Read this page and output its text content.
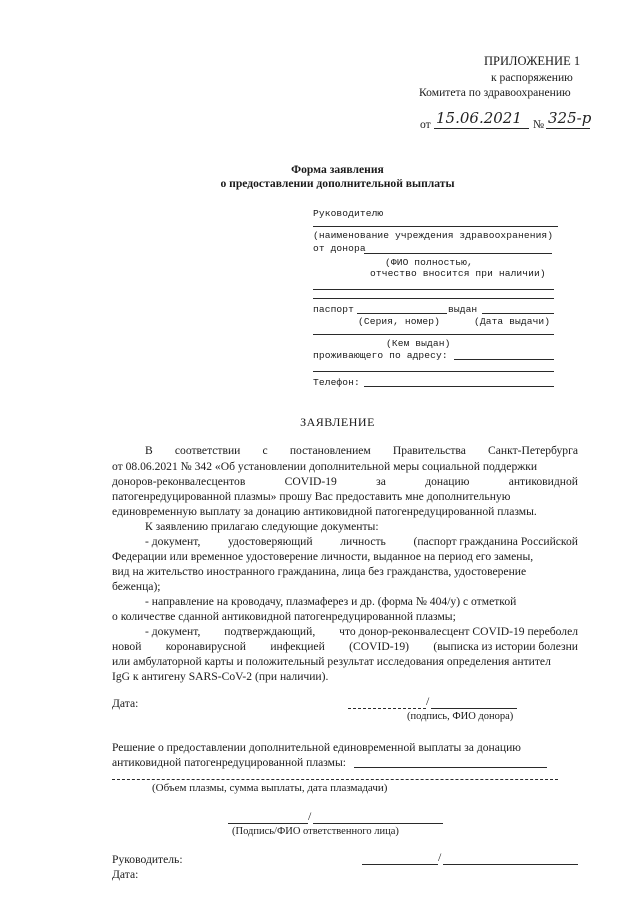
ПРИЛОЖЕНИЕ 1
к распоряжению
Комитета по здравоохранению
от 15.06.2021 № 325-р
Форма заявления
о предоставлении дополнительной выплаты
Руководителю
(наименование учреждения здравоохранения)
от донора
(ФИО полностью,
отчество вносится при наличии)
паспорт	выдан
(Серия, номер)	(Дата выдачи)
(Кем выдан)
проживающего по адресу:
Телефон:
ЗАЯВЛЕНИЕ
В соответствии с постановлением Правительства Санкт-Петербурга
от 08.06.2021 № 342 «Об установлении дополнительной меры социальной поддержки
доноров-реконвалесцентов	COVID-19	за	донацию	антиковидной
патогенредуцированной плазмы» прошу Вас предоставить мне дополнительную
единовременную выплату за донацию антиковидной патогенредуцированной плазмы.
К заявлению прилагаю следующие документы:
- документ, удостоверяющий личность (паспорт гражданина Российской
Федерации или временное удостоверение личности, выданное на период его замены,
вид на жительство иностранного гражданина, лица без гражданства, удостоверение
беженца);
- направление на кроводачу, плазмаферез и др. (форма № 404/у) с отметкой
о количестве сданной антиковидной патогенредуцированной плазмы;
- документ, подтверждающий, что донор-реконвалесцент COVID-19 переболел
новой коронавирусной инфекцией (COVID-19) (выписка из истории болезни
или амбулаторной карты и положительный результат исследования определения антител
IgG к антигену SARS-CoV-2 (при наличии).
Дата:	/
(подпись, ФИО донора)
Решение о предоставлении дополнительной единовременной выплаты за донацию
антиковидной патогенредуцированной плазмы:
(Объем плазмы, сумма выплаты, дата плазмадачи)
/
(Подпись/ФИО ответственного лица)
Руководитель:	/
Дата:
